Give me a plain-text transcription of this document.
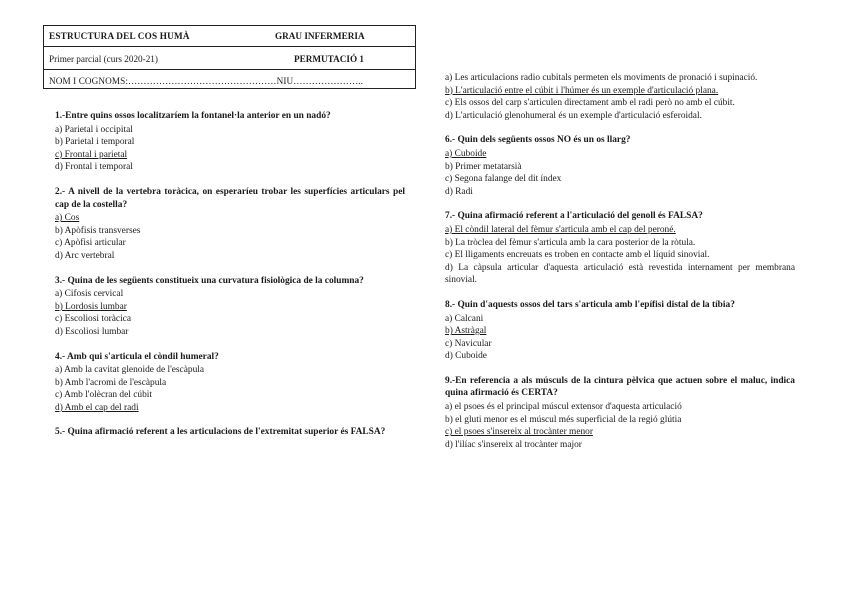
ESTRUCTURA DEL COS HUMÀ	GRAU INFERMERIA
Primer parcial (curs 2020-21)	PERMUTACIÓ 1
NOM I COGNOMS:…………………………………………NIU…………………..
1.-Entre quins ossos localitzaríem la fontanel·la anterior en un nadó?
a) Parietal i occipital
b) Parietal i temporal
c) Frontal i parietal
d) Frontal i temporal
2.- A nivell de la vertebra toràcica, on esperaríeu trobar les superfícies articulars pel cap de la costella?
a) Cos
b) Apòfisis transverses
c) Apòfisi articular
d) Arc vertebral
3.- Quina de les següents constitueix una curvatura fisiològica de la columna?
a) Cifosis cervical
b) Lordosis lumbar
c) Escoliosi toràcica
d) Escoliosi lumbar
4.- Amb qui s'articula el còndil humeral?
a) Amb la cavitat glenoide de l'escàpula
b) Amb l'acromi de l'escàpula
c) Amb l'olècran del cúbit
d) Amb el cap del radi
5.- Quina afirmació referent a les articulacions de l'extremitat superior és FALSA?
a) Les articulacions radio cubitals permeten els moviments de pronació i supinació.
b) L'articulació entre el cúbit i l'húmer és un exemple d'articulació plana.
c) Els ossos del carp s'articulen directament amb el radi però no amb el cúbit.
d) L'articulació glenohumeral és un exemple d'articulació esferoidal.
6.- Quin dels següents ossos NO és un os llarg?
a) Cuboide
b) Primer metatarsià
c) Segona falange del dit índex
d) Radi
7.- Quina afirmació referent a l'articulació del genoll és FALSA?
a) El còndil lateral del fèmur s'articula amb el cap del peroné.
b) La tròclea del fèmur s'articula amb la cara posterior de la ròtula.
c) El lligaments encreuats es troben en contacte amb el líquid sinovial.
d) La càpsula articular d'aquesta articulació està revestida internament per membrana sinovial.
8.- Quin d'aquests ossos del tars s'articula amb l'epífisi distal de la tíbia?
a) Calcani
b) Astràgal
c) Navicular
d) Cuboide
9.-En referencia a als músculs de la cintura pèlvica que actuen sobre el maluc, indica quina afirmació és CERTA?
a) el psoes és el principal múscul extensor d'aquesta articulació
b) el gluti menor es el múscul més superficial de la regió glútia
c) el psoes s'insereix al trocànter menor
d) l'ilíac s'insereix al trocànter major
